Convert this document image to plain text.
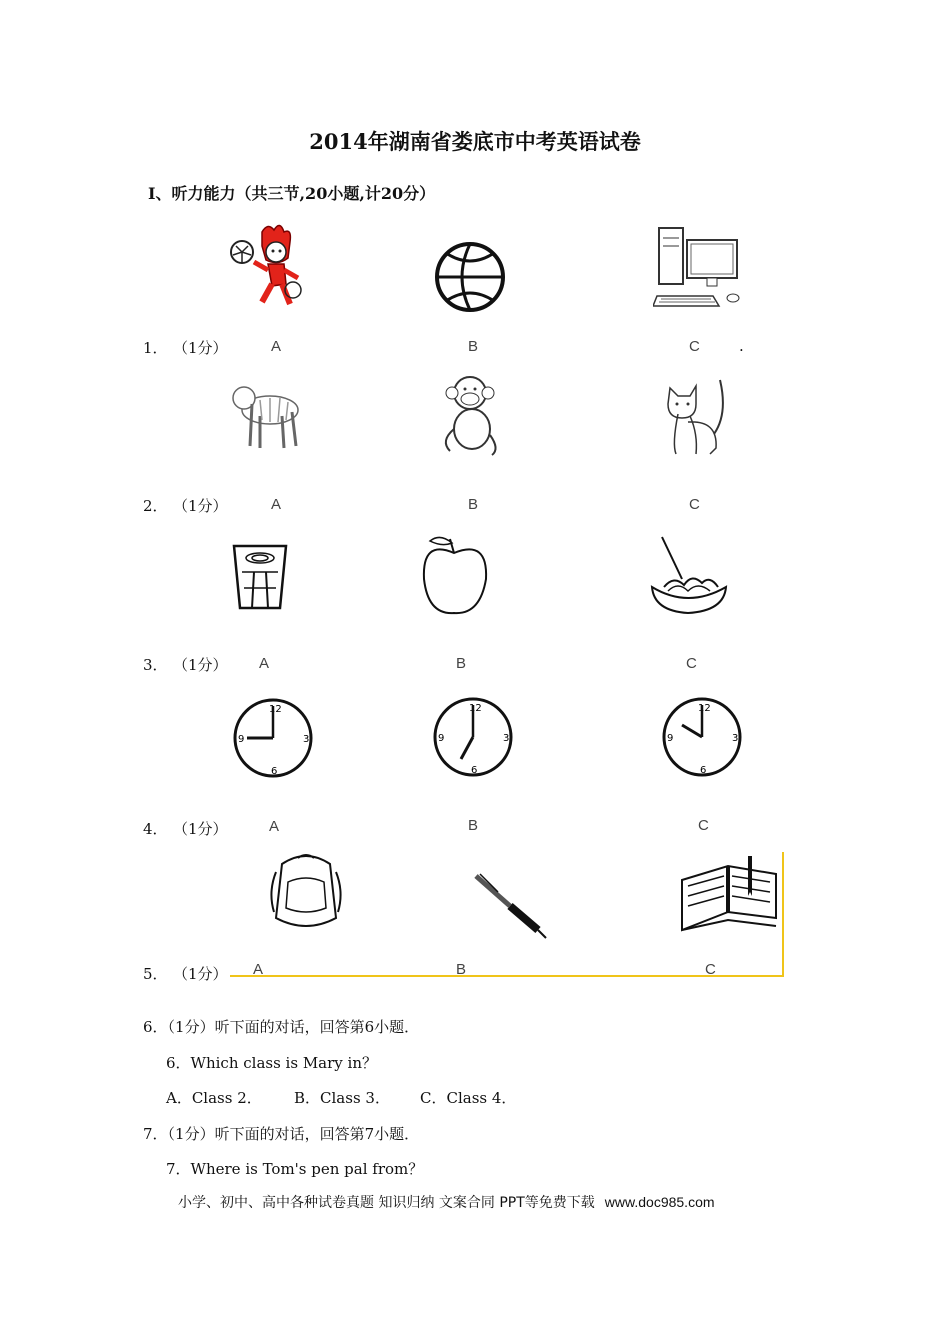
2014年湖南省娄底市中考英语试卷
Ⅰ、听力能力（共三节,20小题,计20分）
1． （1分）	A	B	C	.
2． （1分）	A	B	C
3． （1分） A	B	C
12
3
6
9
12
3
6
9
12
3
6
9
4． （1分）	A	B	C
5． （1分） A	B	C
6．（1分）听下面的对话，回答第6小题．
6．Which class is Mary in？
A．Class 2． B．Class 3． C．Class 4．
7．（1分）听下面的对话，回答第7小题．
7．Where is Tom's pen pal from？
小学、初中、高中各种试卷真题 知识归纳 文案合同 PPT等免费下载 www.doc985.com
